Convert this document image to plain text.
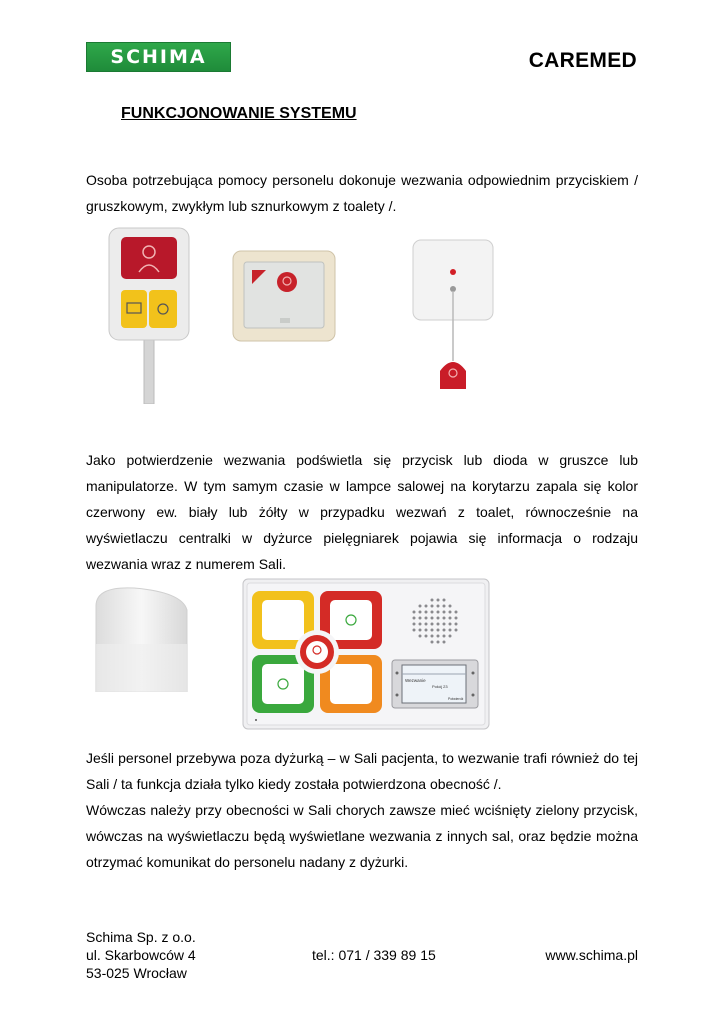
SCHIMA	CAREMED
FUNKCJONOWANIE SYSTEMU

Osoba potrzebująca pomocy personelu dokonuje wezwania odpowiednim przyciskiem / gruszkowym, zwykłym lub sznurkowym z toalety /.

Jako potwierdzenie wezwania podświetla się przycisk lub dioda w gruszce lub manipulatorze. W tym samym czasie w lampce salowej na korytarzu zapala się kolor czerwony ew. biały lub żółty w przypadku wezwań z toalet, równocześnie na wyświetlaczu centralki w dyżurce pielęgniarek pojawia się informacja o rodzaju wezwania wraz z numerem Sali.

Wezwanie
Pokój 23
Potwierdź

Jeśli personel przebywa poza dyżurką – w Sali pacjenta, to wezwanie trafi również do tej Sali / ta funkcja działa tylko kiedy została potwierdzona obecność /.

Wówczas należy przy obecności w Sali chorych zawsze mieć wciśnięty zielony przycisk, wówczas na wyświetlaczu będą wyświetlane wezwania z innych sal, oraz będzie można otrzymać komunikat do personelu nadany z dyżurki.

Schima Sp. z o.o.
ul. Skarbowców 4
53-025 Wrocław
tel.: 071 / 339 89 15	www.schima.pl
